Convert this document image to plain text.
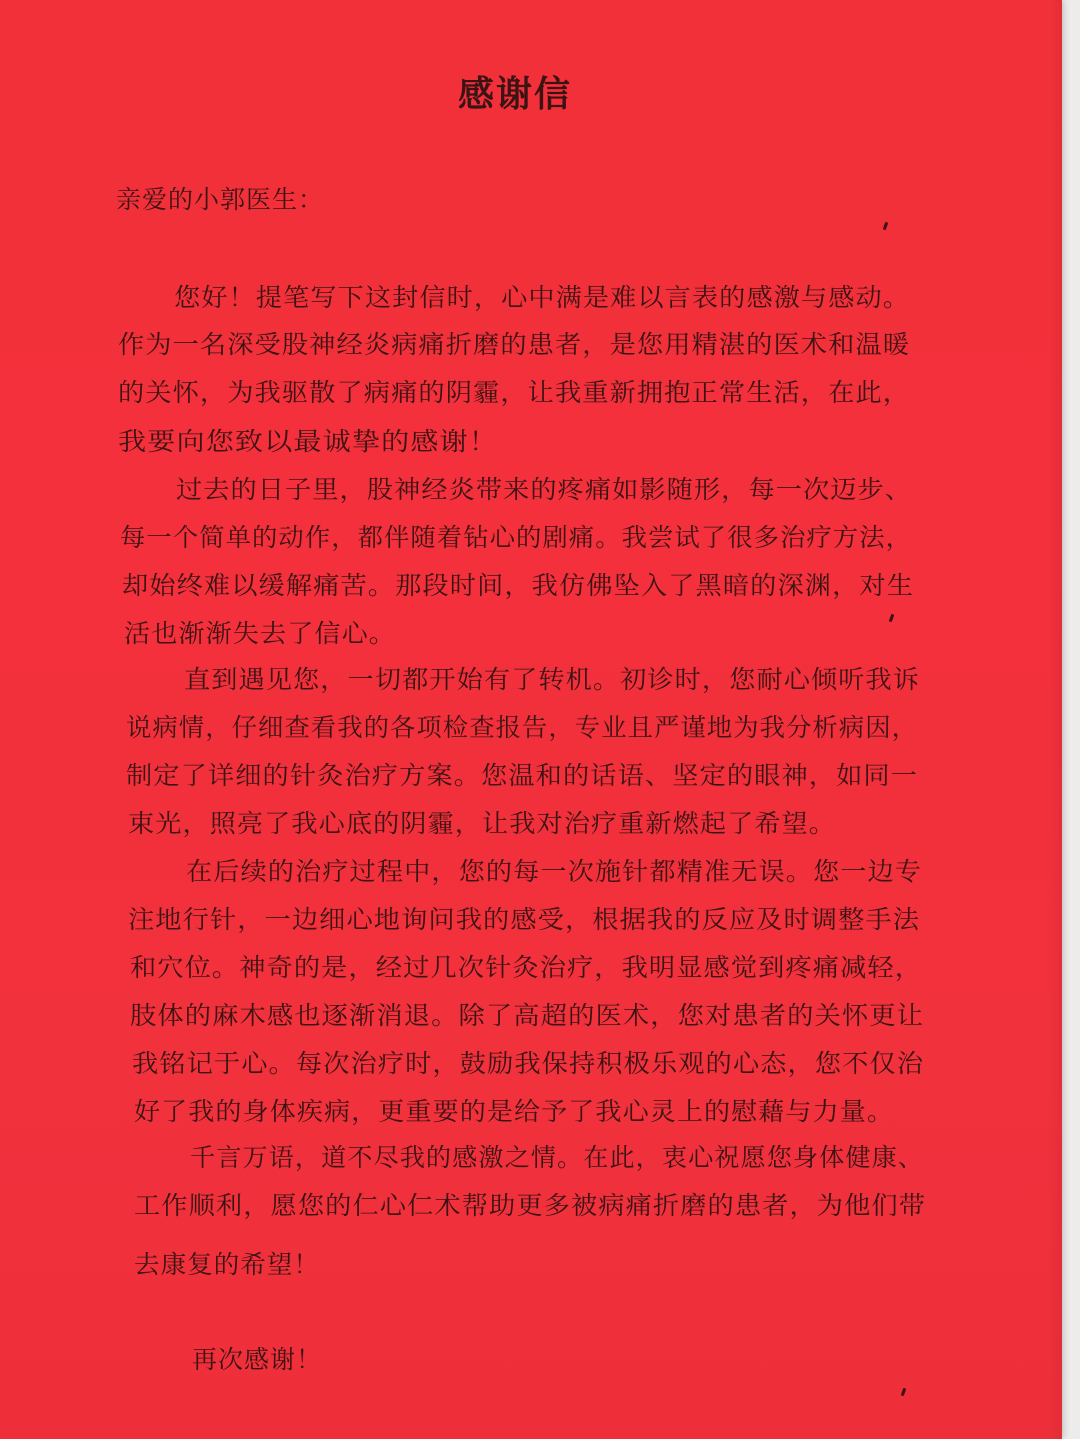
感谢信
亲爱的小郭医生：
您好！提笔写下这封信时，心中满是难以言表的感激与感动。
作为一名深受股神经炎病痛折磨的患者，是您用精湛的医术和温暖
的关怀，为我驱散了病痛的阴霾，让我重新拥抱正常生活，在此，
我要向您致以最诚挚的感谢！
过去的日子里，股神经炎带来的疼痛如影随形，每一次迈步、
每一个简单的动作，都伴随着钻心的剧痛。我尝试了很多治疗方法，
却始终难以缓解痛苦。那段时间，我仿佛坠入了黑暗的深渊，对生
活也渐渐失去了信心。
直到遇见您，一切都开始有了转机。初诊时，您耐心倾听我诉
说病情，仔细查看我的各项检查报告，专业且严谨地为我分析病因，
制定了详细的针灸治疗方案。您温和的话语、坚定的眼神，如同一
束光，照亮了我心底的阴霾，让我对治疗重新燃起了希望。
在后续的治疗过程中，您的每一次施针都精准无误。您一边专
注地行针，一边细心地询问我的感受，根据我的反应及时调整手法
和穴位。神奇的是，经过几次针灸治疗，我明显感觉到疼痛减轻，
肢体的麻木感也逐渐消退。除了高超的医术，您对患者的关怀更让
我铭记于心。每次治疗时，鼓励我保持积极乐观的心态，您不仅治
好了我的身体疾病，更重要的是给予了我心灵上的慰藉与力量。
千言万语，道不尽我的感激之情。在此，衷心祝愿您身体健康、
工作顺利，愿您的仁心仁术帮助更多被病痛折磨的患者，为他们带
去康复的希望！
再次感谢！
